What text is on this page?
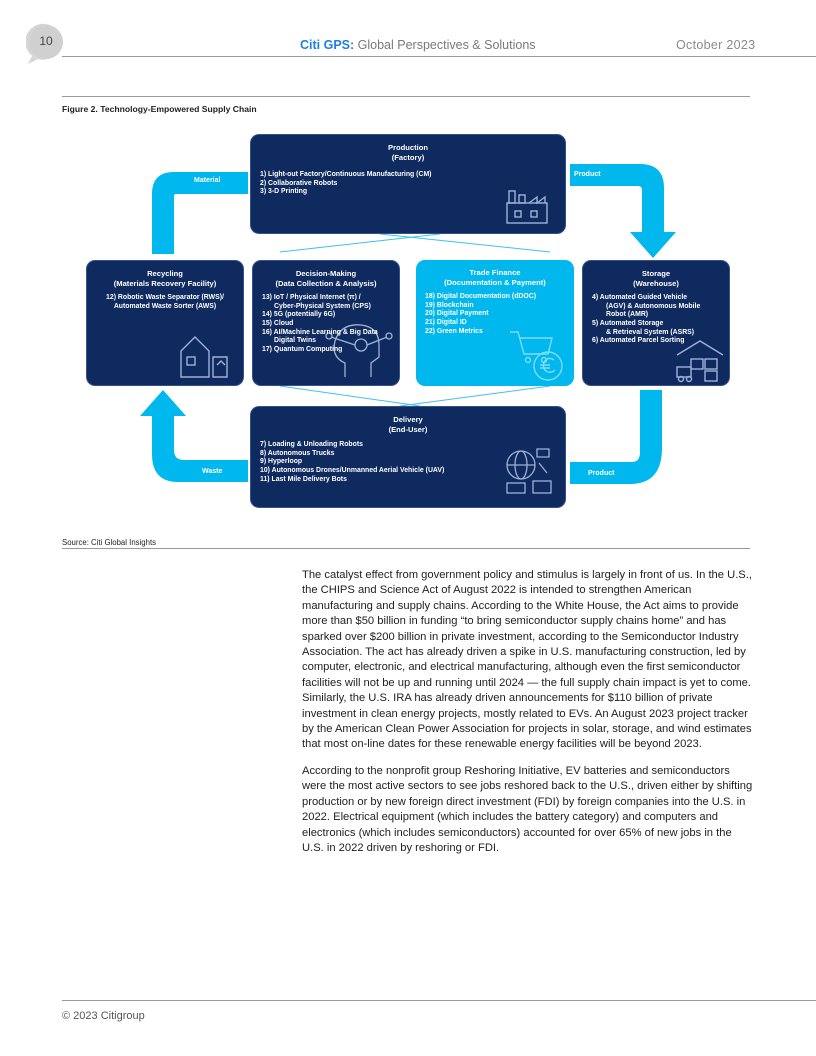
10	Citi GPS: Global Perspectives & Solutions	October 2023
Figure 2. Technology-Empowered Supply Chain
Material
Product
Product
Waste
Production
(Factory)
1) Light-out Factory/Continuous Manufacturing (CM)
2) Collaborative Robots
3) 3-D Printing
Recycling
(Materials Recovery Facility)
12) Robotic Waste Separator (RWS)/
Automated Waste Sorter (AWS)
Decision-Making
(Data Collection & Analysis)
13) IoT / Physical Internet (π) /
Cyber-Physical System (CPS)
14) 5G (potentially 6G)
15) Cloud
16) AI/Machine Learning & Big Data
Digital Twins
17) Quantum Computing
Trade Finance
(Documentation & Payment)
18) Digital Documentation (dDOC)
19) Blockchain
20) Digital Payment
21) Digital ID
22) Green Metrics
Storage
(Warehouse)
4) Automated Guided Vehicle
(AGV) & Autonomous Mobile
Robot (AMR)
5) Automated Storage
& Retrieval System (ASRS)
6) Automated Parcel Sorting
Delivery
(End-User)
7) Loading & Unloading Robots
8) Autonomous Trucks
9) Hyperloop
10) Autonomous Drones/Unmanned Aerial Vehicle (UAV)
11) Last Mile Delivery Bots
Source: Citi Global Insights

The catalyst effect from government policy and stimulus is largely in front of us. In the U.S., the CHIPS and Science Act of August 2022 is intended to strengthen American manufacturing and supply chains. According to the White House, the Act aims to provide more than $50 billion in funding “to bring semiconductor supply chains home” and has sparked over $200 billion in private investment, according to the Semiconductor Industry Association. The act has already driven a spike in U.S. manufacturing construction, led by computer, electronic, and electrical manufacturing, although even the first semiconductor facilities will not be up and running until 2024 — the full supply chain impact is yet to come. Similarly, the U.S. IRA has already driven announcements for $110 billion of private investment in clean energy projects, mostly related to EVs. An August 2023 project tracker by the American Clean Power Association for projects in solar, storage, and wind estimates that most on-line dates for these renewable energy facilities will be beyond 2023.

According to the nonprofit group Reshoring Initiative, EV batteries and semiconductors were the most active sectors to see jobs reshored back to the U.S., driven either by shifting production or by new foreign direct investment (FDI) by foreign companies into the U.S. in 2022. Electrical equipment (which includes the battery category) and computers and electronics (which includes semiconductors) accounted for over 65% of new jobs in the U.S. in 2022 driven by reshoring or FDI.

© 2023 Citigroup
